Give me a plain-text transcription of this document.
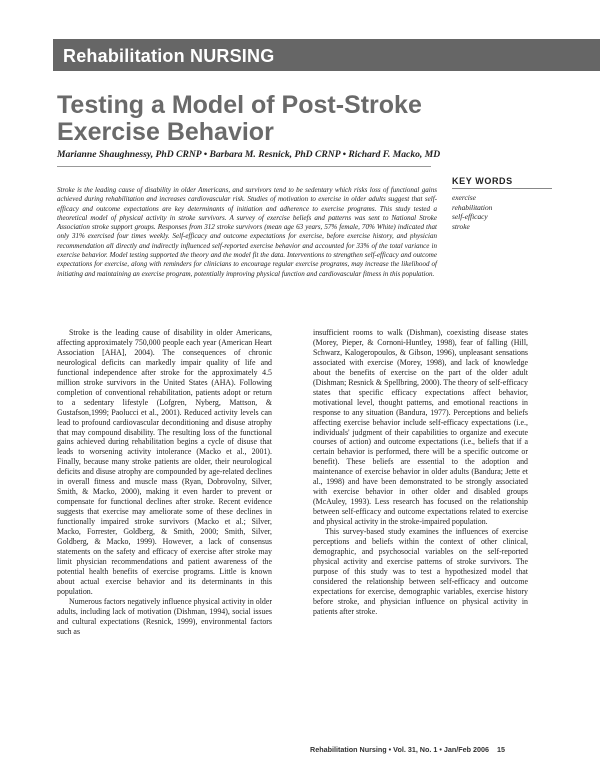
Rehabilitation NURSING
Testing a Model of Post-Stroke Exercise Behavior
Marianne Shaughnessy, PhD CRNP • Barbara M. Resnick, PhD CRNP • Richard F. Macko, MD

Stroke is the leading cause of disability in older Americans, and survivors tend to be sedentary which risks loss of functional gains achieved during rehabilitation and increases cardiovascular risk. Studies of motivation to exercise in older adults suggest that self-efficacy and outcome expectations are key determinants of initiation and adherence to exercise programs. This study tested a theoretical model of physical activity in stroke survivors. A survey of exercise beliefs and patterns was sent to National Stroke Association stroke support groups. Responses from 312 stroke survivors (mean age 63 years, 57% female, 70% White) indicated that only 31% exercised four times weekly. Self-efficacy and outcome expectations for exercise, before exercise history, and physician recommendation all directly and indirectly influenced self-reported exercise behavior and accounted for 33% of the total variance in exercise behavior. Model testing supported the theory and the model fit the data. Interventions to strengthen self-efficacy and outcome expectations for exercise, along with reminders for clinicians to encourage regular exercise programs, may increase the likelihood of initiating and maintaining an exercise program, potentially improving physical function and cardiovascular fitness in this population.

KEY WORDS
exercise
rehabilitation
self-efficacy
stroke

Stroke is the leading cause of disability in older Americans, affecting approximately 750,000 people each year (American Heart Association [AHA], 2004). The consequences of chronic neurological deficits can markedly impair quality of life and functional independence after stroke for the approximately 4.5 million stroke survivors in the United States (AHA). Following completion of conventional rehabilitation, patients adopt or return to a sedentary lifestyle (Lofgren, Nyberg, Mattson, & Gustafson,1999; Paolucci et al., 2001). Reduced activity levels can lead to profound cardiovascular deconditioning and disuse atrophy that may compound disability. The resulting loss of the functional gains achieved during rehabilitation begins a cycle of disuse that leads to worsening activity intolerance (Macko et al., 2001). Finally, because many stroke patients are older, their neurological deficits and disuse atrophy are compounded by age-related declines in overall fitness and muscle mass (Ryan, Dobrovolny, Silver, Smith, & Macko, 2000), making it even harder to prevent or compensate for functional declines after stroke. Recent evidence suggests that exercise may ameliorate some of these declines in functionally impaired stroke survivors (Macko et al.; Silver, Macko, Forrester, Goldberg, & Smith, 2000; Smith, Silver, Goldberg, & Macko, 1999). However, a lack of consensus statements on the safety and efficacy of exercise after stroke may limit physician recommendations and patient awareness of the potential health benefits of exercise programs. Little is known about actual exercise behavior and its determinants in this population.

Numerous factors negatively influence physical activity in older adults, including lack of motivation (Dishman, 1994), social issues and cultural expectations (Resnick, 1999), environmental factors such as

insufficient rooms to walk (Dishman), coexisting disease states (Morey, Pieper, & Cornoni-Huntley, 1998), fear of falling (Hill, Schwarz, Kalogeropoulos, & Gibson, 1996), unpleasant sensations associated with exercise (Morey, 1998), and lack of knowledge about the benefits of exercise on the part of the older adult (Dishman; Resnick & Spellbring, 2000). The theory of self-efficacy states that specific efficacy expectations affect behavior, motivational level, thought patterns, and emotional reactions in response to any situation (Bandura, 1977). Perceptions and beliefs affecting exercise behavior include self-efficacy expectations (i.e., individuals' judgment of their capabilities to organize and execute courses of action) and outcome expectations (i.e., beliefs that if a certain behavior is performed, there will be a specific outcome or benefit). These beliefs are essential to the adoption and maintenance of exercise behavior in older adults (Bandura; Jette et al., 1998) and have been demonstrated to be strongly associated with exercise behavior in other older and disabled groups (McAuley, 1993). Less research has focused on the relationship between self-efficacy and outcome expectations related to exercise and physical activity in the stroke-impaired population.

This survey-based study examines the influences of exercise perceptions and beliefs within the context of other clinical, demographic, and psychosocial variables on the self-reported physical activity and exercise patterns of stroke survivors. The purpose of this study was to test a hypothesized model that considered the relationship between self-efficacy and outcome expectations for exercise, demographic variables, exercise history before stroke, and physician influence on physical activity in patients after stroke.

Rehabilitation Nursing • Vol. 31, No. 1 • Jan/Feb 2006 15
